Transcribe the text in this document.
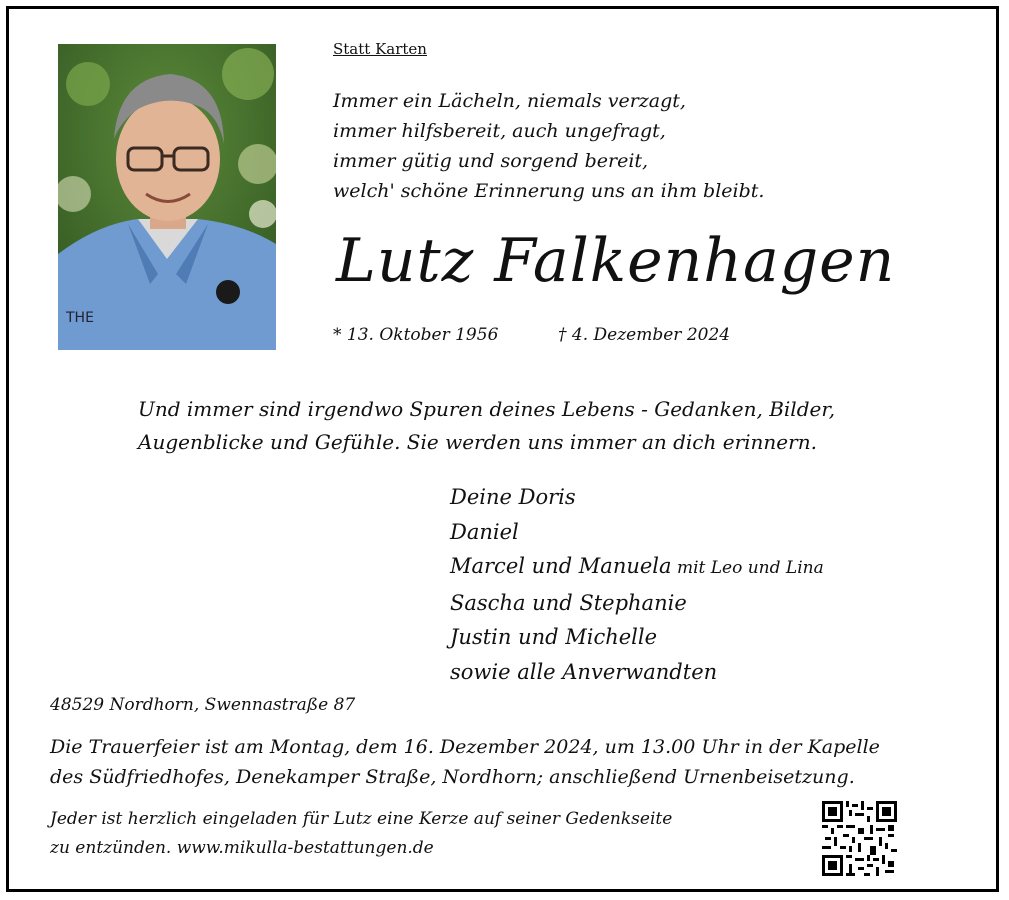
THE
Statt Karten
Immer ein Lächeln, niemals verzagt,
immer hilfsbereit, auch ungefragt,
immer gütig und sorgend bereit,
welch' schöne Erinnerung uns an ihm bleibt.
Lutz Falkenhagen
* 13. Oktober 1956	† 4. Dezember 2024
Und immer sind irgendwo Spuren deines Lebens - Gedanken, Bilder,
Augenblicke und Gefühle. Sie werden uns immer an dich erinnern.
Deine Doris
Daniel
Marcel und Manuela mit Leo und Lina
Sascha und Stephanie
Justin und Michelle
sowie alle Anverwandten
48529 Nordhorn, Swennastraße 87
Die Trauerfeier ist am Montag, dem 16. Dezember 2024, um 13.00 Uhr in der Kapelle
des Südfriedhofes, Denekamper Straße, Nordhorn; anschließend Urnenbeisetzung.
Jeder ist herzlich eingeladen für Lutz eine Kerze auf seiner Gedenkseite
zu entzünden. www.mikulla-bestattungen.de
